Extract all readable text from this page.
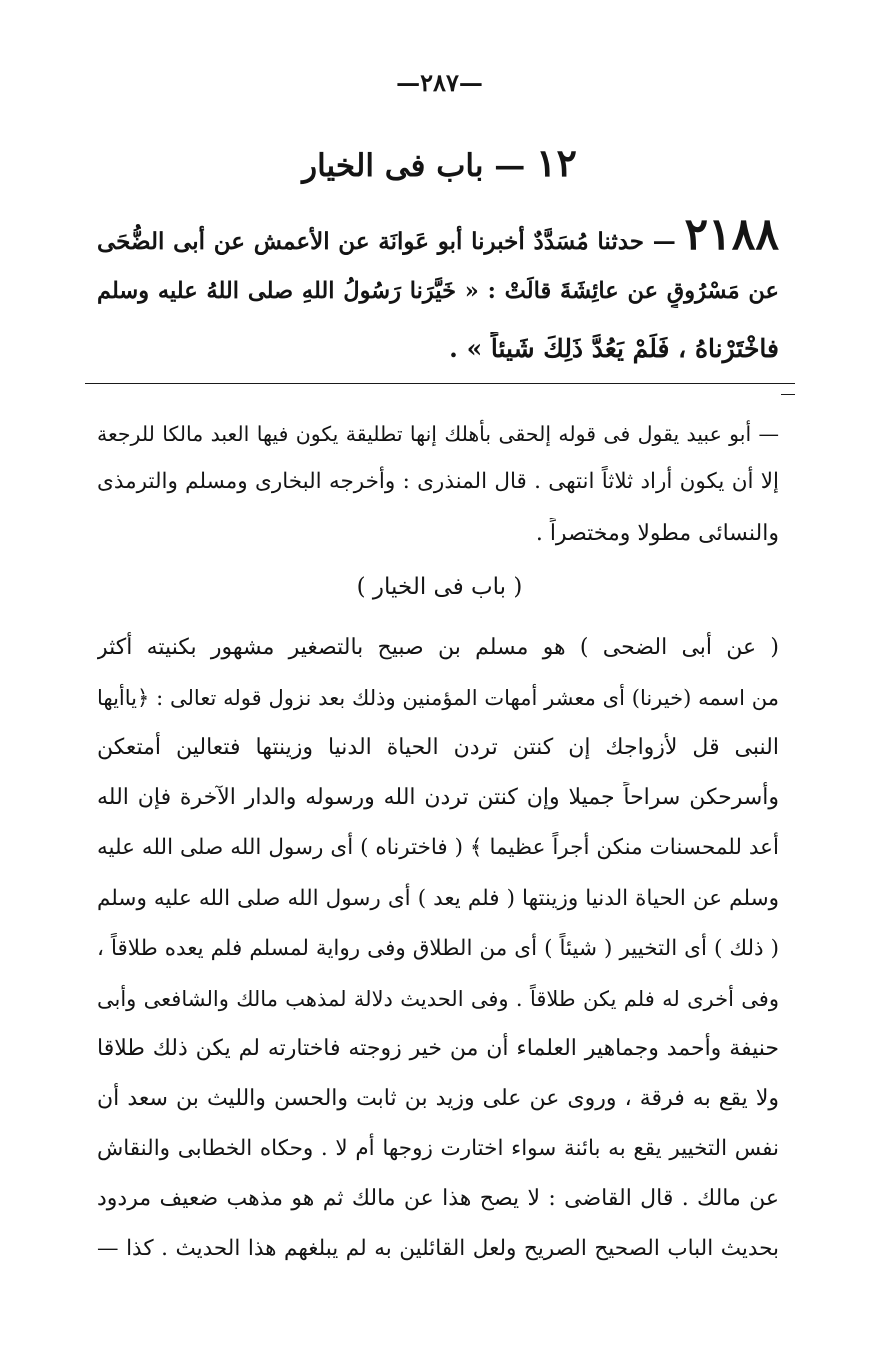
—٢٨٧—
١٢ — باب فى الخيار
٢١٨٨ — حدثنا مُسَدَّدٌ أخبرنا أبو عَوانَة عن الأعمش عن أبى الضُّحَى
عن مَسْرُوقٍ عن عائِشَةَ قالَتْ : « خَيَّرَنا رَسُولُ اللهِ صلى اللهُ عليه وسلم
فاخْتَرْناهُ ، فَلَمْ يَعُدَّ ذَلِكَ شَيئاً » .
— أبو عبيد يقول فى قوله إلحقى بأهلك إنها تطليقة يكون فيها العبد مالكا للرجعة
إلا أن يكون أراد ثلاثاً انتهى . قال المنذرى : وأخرجه البخارى ومسلم والترمذى
والنسائى مطولا ومختصراً .
( باب فى الخيار )
( عن أبى الضحى ) هو مسلم بن صبيح بالتصغير مشهور بكنيته أكثر
من اسمه (خيرنا) أى معشر أمهات المؤمنين وذلك بعد نزول قوله تعالى : ﴿ياأيها
النبى قل لأزواجك إن كنتن تردن الحياة الدنيا وزينتها فتعالين أمتعكن
وأسرحكن سراحاً جميلا وإن كنتن تردن الله ورسوله والدار الآخرة فإن الله
أعد للمحسنات منكن أجراً عظيما ﴾ ( فاخترناه ) أى رسول الله صلى الله عليه
وسلم عن الحياة الدنيا وزينتها ( فلم يعد ) أى رسول الله صلى الله عليه وسلم
( ذلك ) أى التخيير ( شيئاً ) أى من الطلاق وفى رواية لمسلم فلم يعده طلاقاً ،
وفى أخرى له فلم يكن طلاقاً . وفى الحديث دلالة لمذهب مالك والشافعى وأبى
حنيفة وأحمد وجماهير العلماء أن من خير زوجته فاختارته لم يكن ذلك طلاقا
ولا يقع به فرقة ، وروى عن على وزيد بن ثابت والحسن والليث بن سعد أن
نفس التخيير يقع به بائنة سواء اختارت زوجها أم لا . وحكاه الخطابى والنقاش
عن مالك . قال القاضى : لا يصح هذا عن مالك ثم هو مذهب ضعيف مردود
بحديث الباب الصحيح الصريح ولعل القائلين به لم يبلغهم هذا الحديث . كذا —
